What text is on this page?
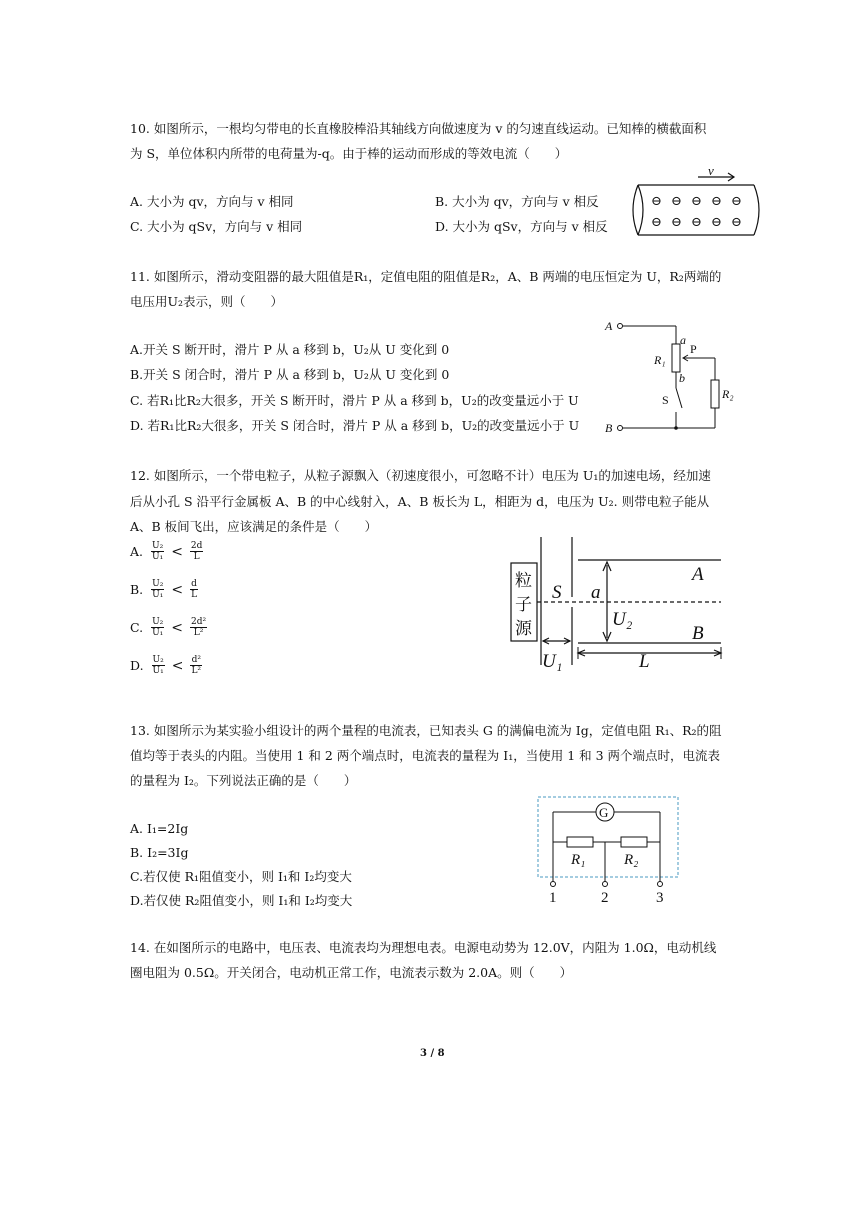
10. 如图所示，一根均匀带电的长直橡胶棒沿其轴线方向做速度为 v 的匀速直线运动。已知棒的横截面积
为 S，单位体积内所带的电荷量为-q。由于棒的运动而形成的等效电流（　　）
A. 大小为 qv，方向与 v 相同	B. 大小为 qv，方向与 v 相反
C. 大小为 qSv，方向与 v 相同	D. 大小为 qSv，方向与 v 相反
v
⊖ ⊖ ⊖ ⊖ ⊖
⊖ ⊖ ⊖ ⊖ ⊖
11. 如图所示，滑动变阻器的最大阻值是R₁，定值电阻的阻值是R₂，A、B 两端的电压恒定为 U，R₂两端的
电压用U₂表示，则（　　）
A.开关 S 断开时，滑片 P 从 a 移到 b，U₂从 U 变化到 0
B.开关 S 闭合时，滑片 P 从 a 移到 b，U₂从 U 变化到 0
C. 若R₁比R₂大很多，开关 S 断开时，滑片 P 从 a 移到 b，U₂的改变量远小于 U
D. 若R₁比R₂大很多，开关 S 闭合时，滑片 P 从 a 移到 b，U₂的改变量远小于 U
A
B
a
b
R₁
R₂
P
S
12. 如图所示，一个带电粒子，从粒子源飘入（初速度很小，可忽略不计）电压为 U₁的加速电场，经加速
后从小孔 S 沿平行金属板 A、B 的中心线射入，A、B 板长为 L，相距为 d，电压为 U₂. 则带电粒子能从
A、B 板间飞出，应该满足的条件是（　　）
A. $\frac{\text{U₂}}{\text{U₁}} < \frac{2d}{L}$
B. $\frac{\text{U₂}}{\text{U₁}} < \frac{d}{L}$
C. $\frac{\text{U₂}}{\text{U₁}} < \frac{\text{2d²}}{\text{L²}}$
D. $\frac{\text{U₂}}{\text{U₁}} < \frac{\text{d²}}{\text{L²}}$
粒
子
源
S a
U₂
A
B
U₁	L
13. 如图所示为某实验小组设计的两个量程的电流表，已知表头 G 的满偏电流为 Ig，定值电阻 R₁、R₂的阻
值均等于表头的内阻。当使用 1 和 2 两个端点时，电流表的量程为 I₁，当使用 1 和 3 两个端点时，电流表
的量程为 I₂。下列说法正确的是（　　）
A. I₁=2Ig
B. I₂=3Ig
C.若仅使 R₁阻值变小，则 I₁和 I₂均变大
D.若仅使 R₂阻值变小，则 I₁和 I₂均变大
G
R₁	R₂
1	2	3
14. 在如图所示的电路中，电压表、电流表均为理想电表。电源电动势为 12.0V，内阻为 1.0Ω，电动机线
圈电阻为 0.5Ω。开关闭合，电动机正常工作，电流表示数为 2.0A。则（　　）
3 / 8
